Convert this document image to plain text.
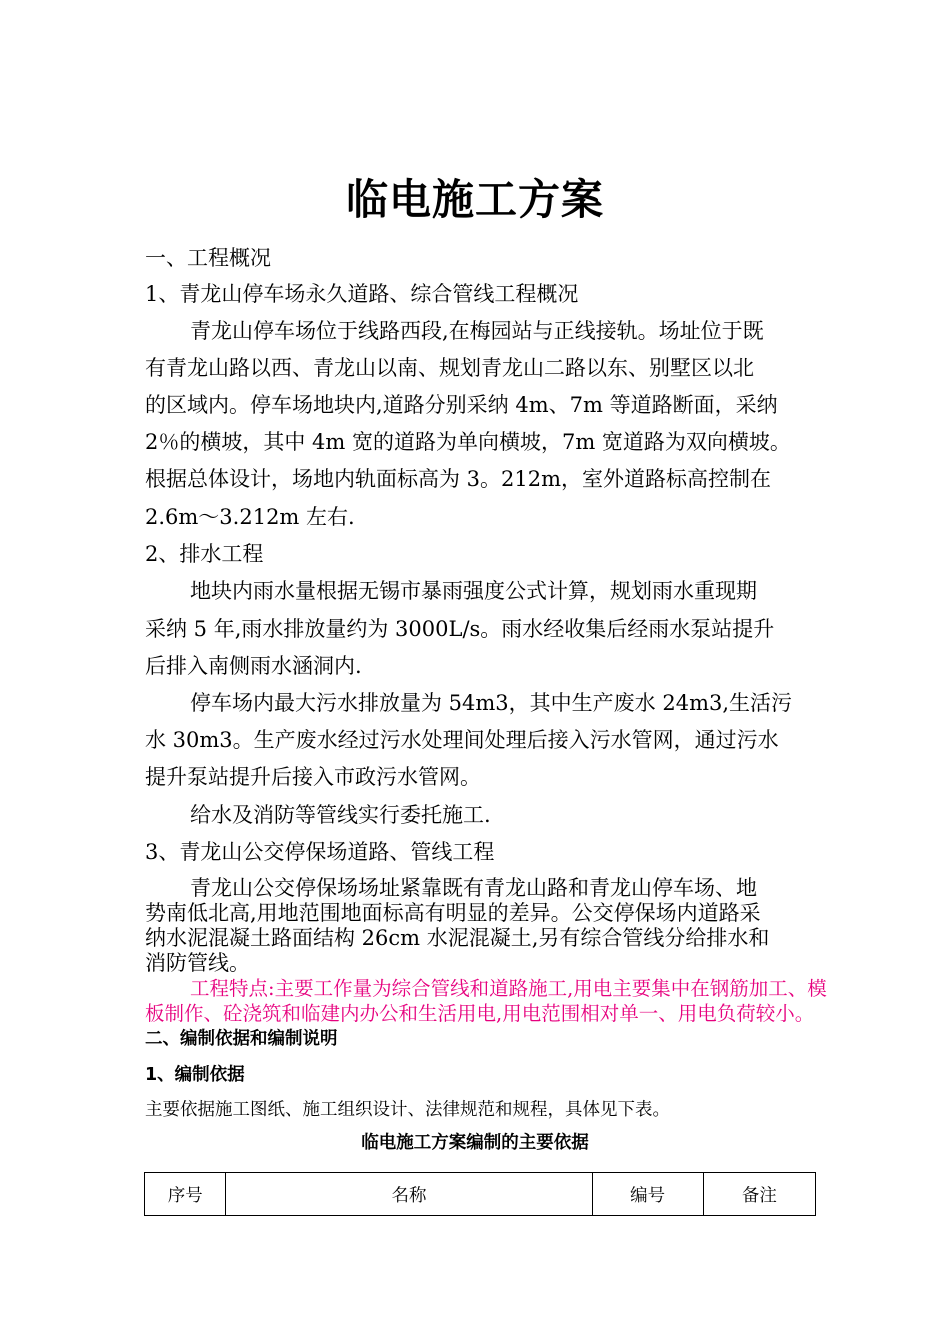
临电施工方案
一、工程概况
1、青龙山停车场永久道路、综合管线工程概况
青龙山停车场位于线路西段,在梅园站与正线接轨。场址位于既
有青龙山路以西、青龙山以南、规划青龙山二路以东、别墅区以北
的区域内。停车场地块内,道路分别采纳 4m、7m 等道路断面，采纳
2％的横坡，其中 4m 宽的道路为单向横坡，7m 宽道路为双向横坡。
根据总体设计，场地内轨面标高为 3。212m，室外道路标高控制在
2.6m～3.212m 左右.
2、排水工程
地块内雨水量根据无锡市暴雨强度公式计算，规划雨水重现期
采纳 5 年,雨水排放量约为 3000L/s。雨水经收集后经雨水泵站提升
后排入南侧雨水涵洞内.
停车场内最大污水排放量为 54m3，其中生产废水 24m3,生活污
水 30m3。生产废水经过污水处理间处理后接入污水管网，通过污水
提升泵站提升后接入市政污水管网。
给水及消防等管线实行委托施工.
3、青龙山公交停保场道路、管线工程
青龙山公交停保场场址紧靠既有青龙山路和青龙山停车场、地
势南低北高,用地范围地面标高有明显的差异。公交停保场内道路采
纳水泥混凝土路面结构 26cm 水泥混凝土,另有综合管线分给排水和
消防管线。
工程特点:主要工作量为综合管线和道路施工,用电主要集中在钢筋加工、模
板制作、砼浇筑和临建内办公和生活用电,用电范围相对单一、用电负荷较小。
二、编制依据和编制说明
1、编制依据
主要依据施工图纸、施工组织设计、法律规范和规程，具体见下表。
临电施工方案编制的主要依据
序号	名称	编号	备注
